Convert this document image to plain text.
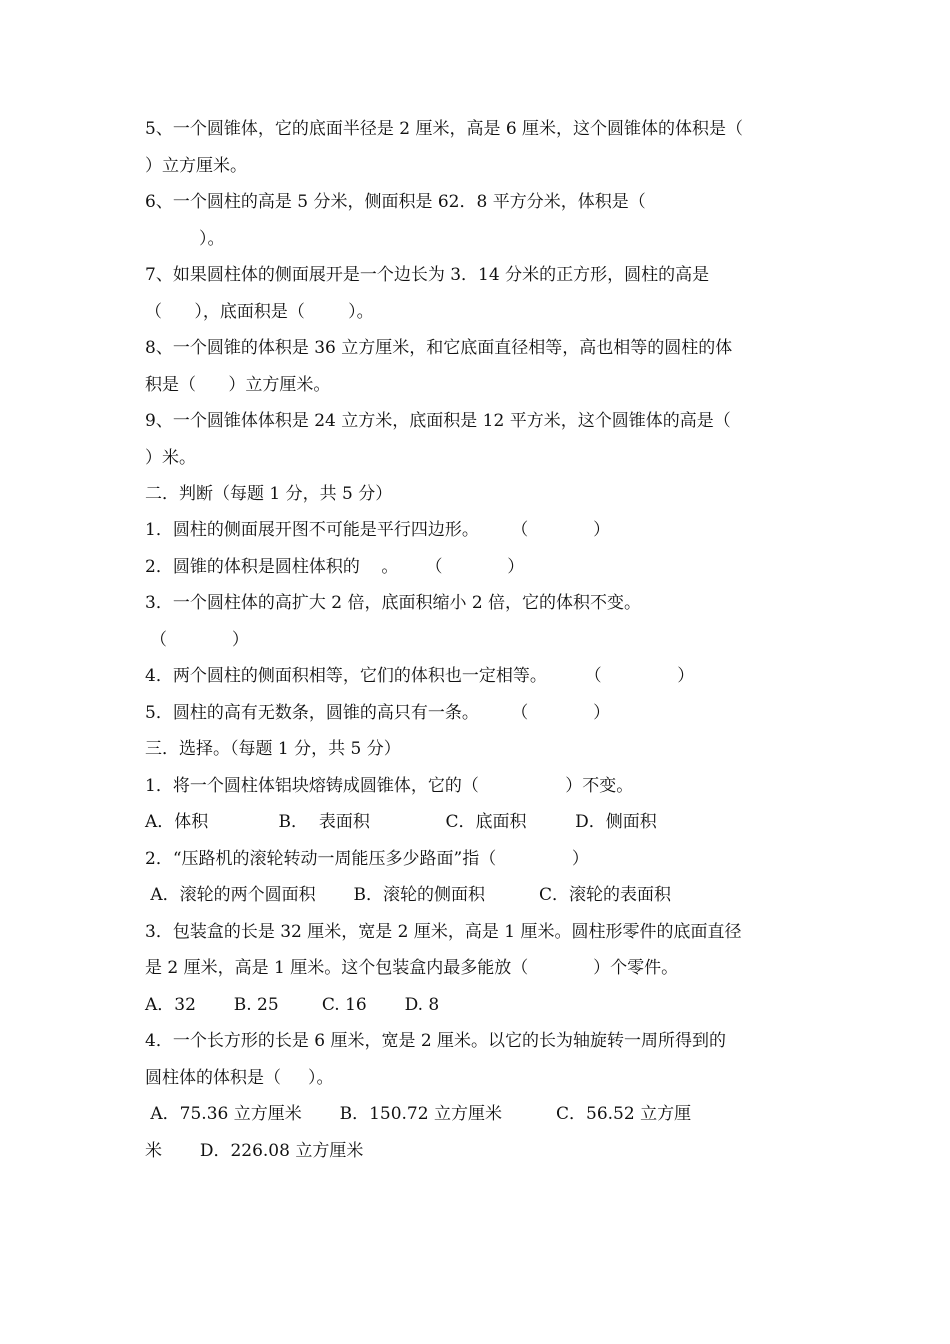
5、一个圆锥体，它的底面半径是 2 厘米，高是 6 厘米，这个圆锥体的体积是（
）立方厘米。
6、一个圆柱的高是 5 分米，侧面积是 62．8 平方分米，体积是（
）。
7、如果圆柱体的侧面展开是一个边长为 3．14 分米的正方形，圆柱的高是
（      ），底面积是（        ）。
8、一个圆锥的体积是 36 立方厘米，和它底面直径相等，高也相等的圆柱的体
积是（      ）立方厘米。
9、一个圆锥体体积是 24 立方米，底面积是 12 平方米，这个圆锥体的高是（
）米。
二．判断（每题 1 分，共 5 分）
1．圆柱的侧面展开图不可能是平行四边形。      （            ）
2．圆锥的体积是圆柱体积的    。     （            ）
3．一个圆柱体的高扩大 2 倍，底面积缩小 2 倍，它的体积不变。
（            ）
4．两个圆柱的侧面积相等，它们的体积也一定相等。       （              ）
5．圆柱的高有无数条，圆锥的高只有一条。      （            ）
三．选择。（每题 1 分，共 5 分）
1．将一个圆柱体铝块熔铸成圆锥体，它的（                ）不变。
A．体积             B．  表面积              C．底面积         D．侧面积
2．“压路机的滚轮转动一周能压多少路面”指（              ）
A．滚轮的两个圆面积       B．滚轮的侧面积          C．滚轮的表面积
3．包装盒的长是 32 厘米，宽是 2 厘米，高是 1 厘米。圆柱形零件的底面直径
是 2 厘米，高是 1 厘米。这个包装盒内最多能放（            ）个零件。
A．32       B. 25        C. 16       D. 8
4．一个长方形的长是 6 厘米，宽是 2 厘米。以它的长为轴旋转一周所得到的
圆柱体的体积是（     ）。
A．75.36 立方厘米       B．150.72 立方厘米          C．56.52 立方厘
米       D．226.08 立方厘米
